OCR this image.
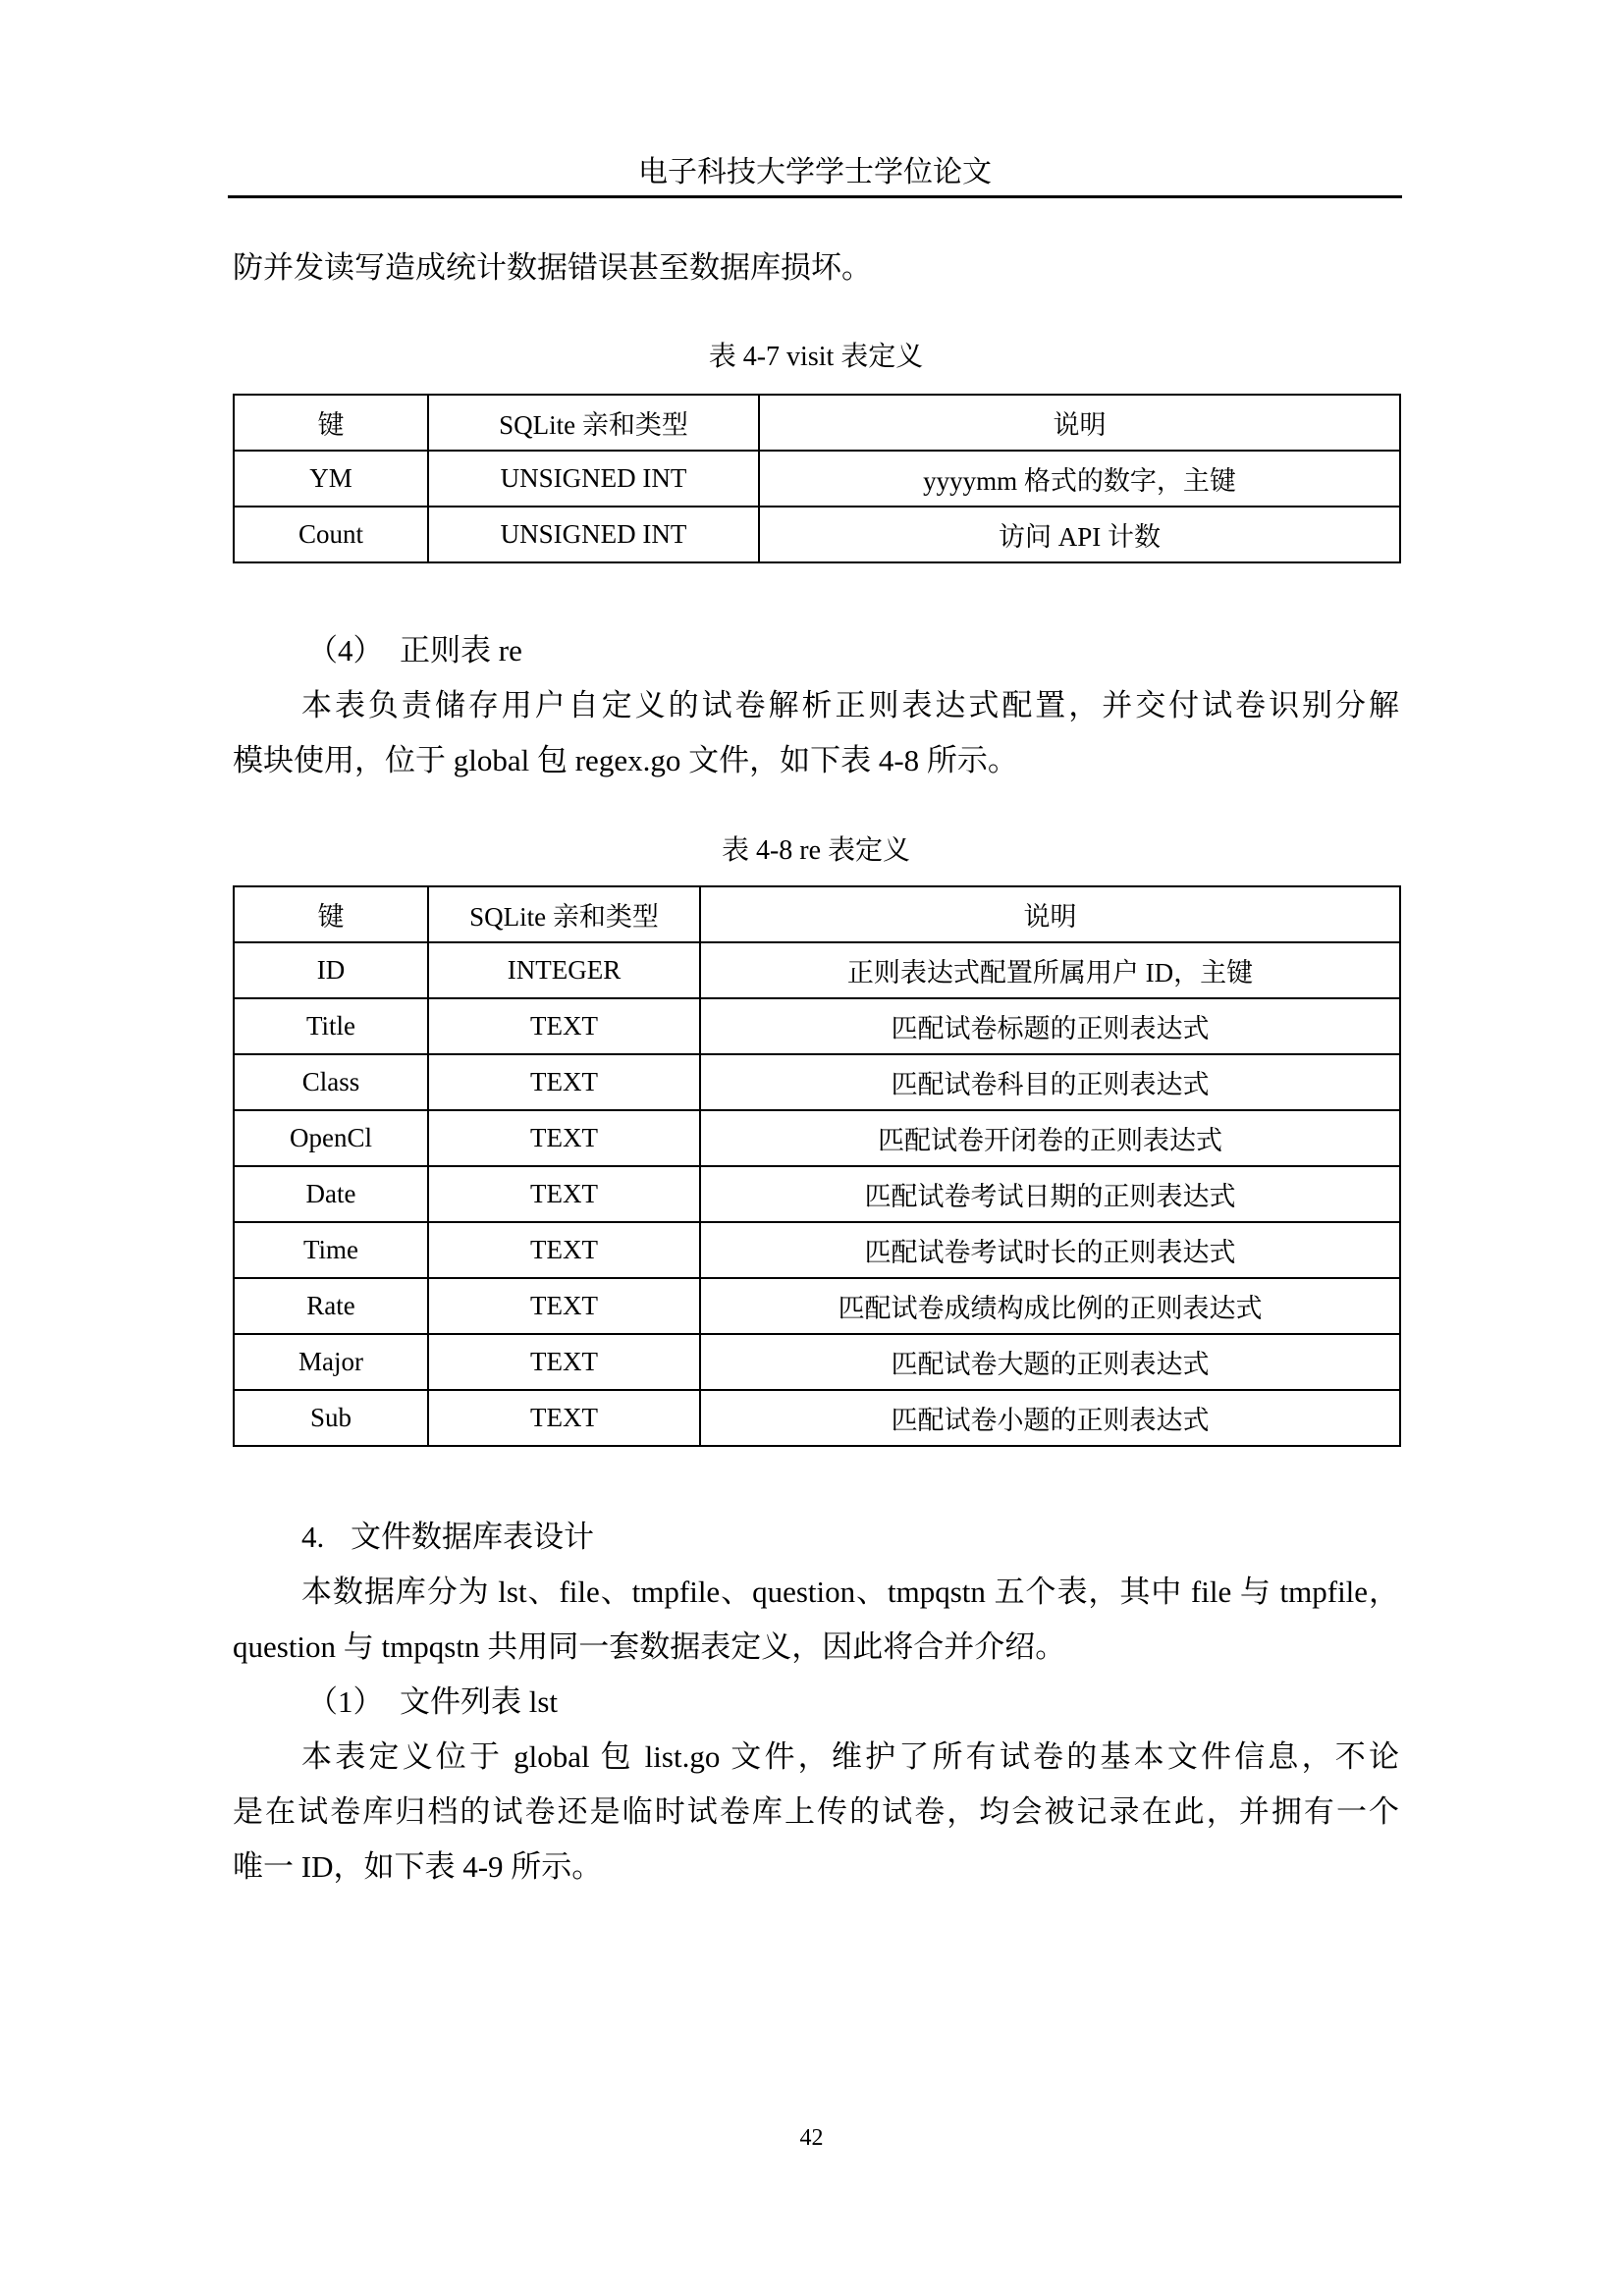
电子科技大学学士学位论文
防并发读写造成统计数据错误甚至数据库损坏。
表 4-7 visit 表定义
键	SQLite 亲和类型	说明
YM	UNSIGNED INT	yyyymm 格式的数字，主键
Count	UNSIGNED INT	访问 API 计数
（4） 正则表 re
本表负责储存用户自定义的试卷解析正则表达式配置，并交付试卷识别分解
模块使用，位于 global 包 regex.go 文件，如下表 4-8 所示。
表 4-8 re 表定义
键	SQLite 亲和类型	说明
ID	INTEGER	正则表达式配置所属用户 ID，主键
Title	TEXT	匹配试卷标题的正则表达式
Class	TEXT	匹配试卷科目的正则表达式
OpenCl	TEXT	匹配试卷开闭卷的正则表达式
Date	TEXT	匹配试卷考试日期的正则表达式
Time	TEXT	匹配试卷考试时长的正则表达式
Rate	TEXT	匹配试卷成绩构成比例的正则表达式
Major	TEXT	匹配试卷大题的正则表达式
Sub	TEXT	匹配试卷小题的正则表达式
4. 文件数据库表设计
本数据库分为 lst、file、tmpfile、question、tmpqstn 五个表，其中 file 与 tmpfile，
question 与 tmpqstn 共用同一套数据表定义，因此将合并介绍。
（1） 文件列表 lst
本表定义位于 global 包 list.go 文件，维护了所有试卷的基本文件信息，不论
是在试卷库归档的试卷还是临时试卷库上传的试卷，均会被记录在此，并拥有一个
唯一 ID，如下表 4-9 所示。
42
